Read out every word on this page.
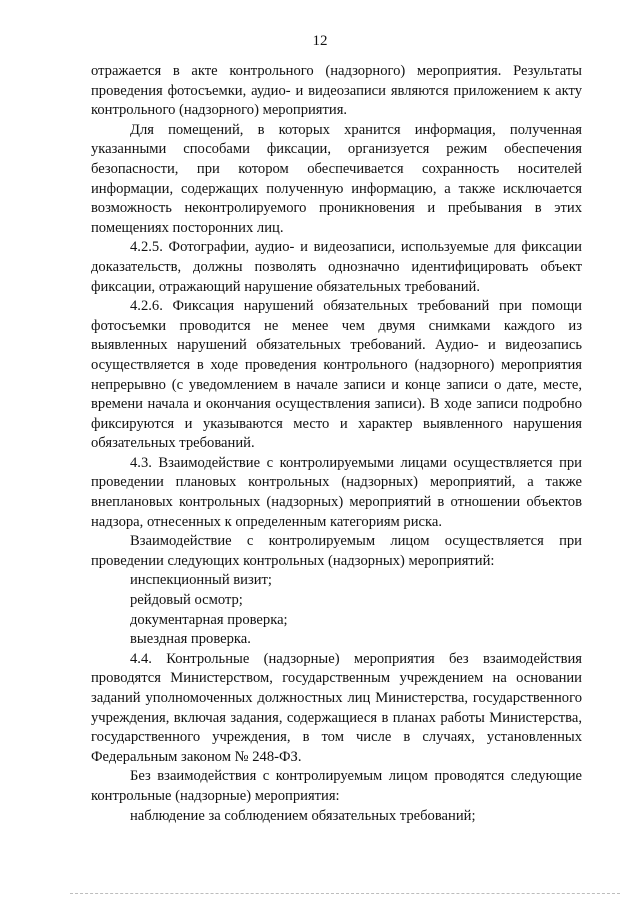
12

отражается в акте контрольного (надзорного) мероприятия. Результаты проведения фотосъемки, аудио- и видеозаписи являются приложением к акту контрольного (надзорного) мероприятия.

Для помещений, в которых хранится информация, полученная указанными способами фиксации, организуется режим обеспечения безопасности, при котором обеспечивается сохранность носителей информации, содержащих полученную информацию, а также исключается возможность неконтролируемого проникновения и пребывания в этих помещениях посторонних лиц.

4.2.5. Фотографии, аудио- и видеозаписи, используемые для фиксации доказательств, должны позволять однозначно идентифицировать объект фиксации, отражающий нарушение обязательных требований.

4.2.6. Фиксация нарушений обязательных требований при помощи фотосъемки проводится не менее чем двумя снимками каждого из выявленных нарушений обязательных требований. Аудио- и видеозапись осуществляется в ходе проведения контрольного (надзорного) мероприятия непрерывно (с уведомлением в начале записи и конце записи о дате, месте, времени начала и окончания осуществления записи). В ходе записи подробно фиксируются и указываются место и характер выявленного нарушения обязательных требований.

4.3. Взаимодействие с контролируемыми лицами осуществляется при проведении плановых контрольных (надзорных) мероприятий, а также внеплановых контрольных (надзорных) мероприятий в отношении объектов надзора, отнесенных к определенным категориям риска.

Взаимодействие с контролируемым лицом осуществляется при проведении следующих контрольных (надзорных) мероприятий:

инспекционный визит;

рейдовый осмотр;

документарная проверка;

выездная проверка.

4.4. Контрольные (надзорные) мероприятия без взаимодействия проводятся Министерством, государственным учреждением на основании заданий уполномоченных должностных лиц Министерства, государственного учреждения, включая задания, содержащиеся в планах работы Министерства, государственного учреждения, в том числе в случаях, установленных Федеральным законом № 248-ФЗ.

Без взаимодействия с контролируемым лицом проводятся следующие контрольные (надзорные) мероприятия:

наблюдение за соблюдением обязательных требований;
